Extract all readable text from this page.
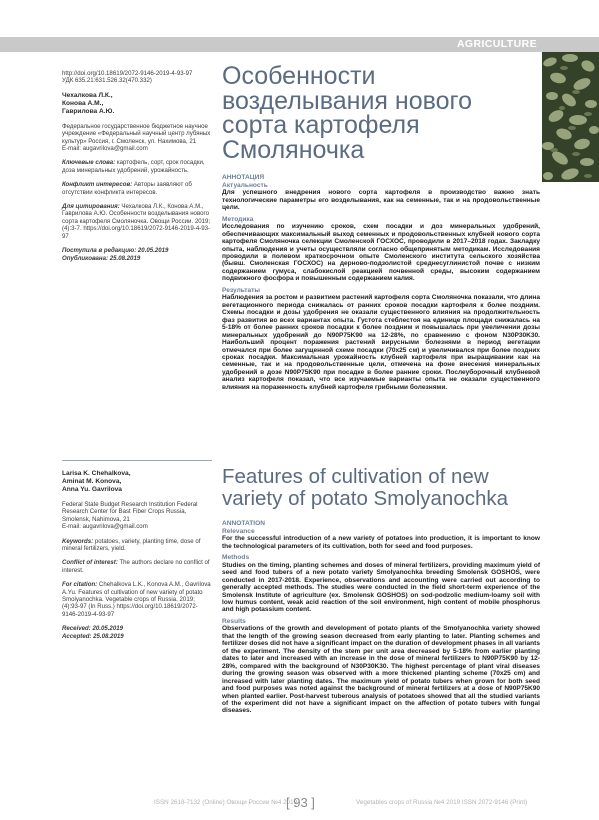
AGRICULTURE
http://doi.org/10.18619/2072-9146-2019-4-93-97
УДК 635.21:631.526.32(470.332)
Чехалкова Л.К.,
Конова А.М.,
Гаврилова А.Ю.
Федеральное государственное бюджетное научное учреждение «Федеральный научный центр лубяных культур» Россия, г. Смоленск, ул. Нахимова, 21
E-mail: augavrilova@gmail.com
Ключевые слова: картофель, сорт, срок посадки, доза минеральных удобрений, урожайность.
Конфликт интересов: Авторы заявляют об отсутствии конфликта интересов.
Для цитирования: Чехалкова Л.К., Конова А.М., Гаврилова А.Ю. Особенности возделывания нового сорта картофеля Смоляночка. Овощи России. 2019;(4):3-7. https://doi.org/10.18619/2072-9146-2019-4-93-97
Поступила в редакцию: 20.05.2019
Опубликована: 25.08.2019
Larisa K. Chehalkova,
Aminat M. Konova,
Anna Yu. Gavrilova
Federal State Budget Research Institution Federal Research Center for Bast Fiber Crops Russia, Smolensk, Nahimova, 21
E-mail: augavrilova@gmail.com
Keywords: potatoes, variety, planting time, dose of mineral fertilizers, yield.
Conflict of interest: The authors declare no conflict of interest.
For citation: Chehalkova L.K., Konova A.M., Gavrilova A.Yu. Features of cultivation of new variety of potato Smolyanochka. Vegetable crops of Russia. 2019;(4):93-97 (In Russ.) https://doi.org/10.18619/2072-9146-2019-4-93-97
Received: 20.05.2019
Accepted: 25.08.2019
Особенности возделывания нового сорта картофеля Смоляночка
Features of cultivation of new variety of potato Smolyanochka
АННОТАЦИЯ
Актуальность
Для успешного внедрения нового сорта картофеля в производство важно знать технологические параметры его возделывания, как на семенные, так и на продовольственные цели.
Методика
Исследования по изучению сроков, схем посадки и доз минеральных удобрений, обеспечивающих максимальный выход семенных и продовольственных клубней нового сорта картофеля Смоляночка селекции Смоленской ГОСХОС, проводили в 2017–2018 годах. Закладку опыта, наблюдения и учеты осуществляли согласно общепринятым методикам. Исследования проводили в полевом краткосрочном опыте Смоленского института сельского хозяйства (бывш. Смоленская ГОСХОС) на дерново-подзолистой среднесуглинистой почве с низким содержанием гумуса, слабокислой реакцией почвенной среды, высоким содержанием подвижного фосфора и повышенным содержанием калия.
Результаты
Наблюдения за ростом и развитием растений картофеля сорта Смоляночка показали, что длина вегетационного периода снижалась от ранних сроков посадки картофеля к более поздним. Схемы посадки и дозы удобрения не оказали существенного влияния на продолжительность фаз развития во всех вариантах опыта. Густота стеблестоя на единице площади снижалась на 5-18% от более ранних сроков посадки к более поздним и повышалась при увеличении дозы минеральных удобрений до N90P75K90 на 12-28%, по сравнению с фоном N30P30K30. Наибольший процент поражения растений вирусными болезнями в период вегетации отмечался при более загущенной схеме посадки (70x25 см) и увеличивался при более поздних сроках посадки. Максимальная урожайность клубней картофеля при выращивании как на семенные, так и на продовольственные цели, отмечена на фоне внесения минеральных удобрений в дозе N90P75K90 при посадке в более ранние сроки. Послеуборочный клубневой анализ картофеля показал, что все изучаемые варианты опыта не оказали существенного влияния на пораженность клубней картофеля грибными болезнями.
ANNOTATION
Relevance
For the successful introduction of a new variety of potatoes into production, it is important to know the technological parameters of its cultivation, both for seed and food purposes.
Methods
Studies on the timing, planting schemes and doses of mineral fertilizers, providing maximum yield of seed and food tubers of a new potato variety Smolyanochka breeding Smolensk GOSHOS, were conducted in 2017-2018. Experience, observations and accounting were carried out according to generally accepted methods. The studies were conducted in the field short-term experience of the Smolensk Institute of agriculture (ex. Smolensk GOSHOS) on sod-podzolic medium-loamy soil with low humus content, weak acid reaction of the soil environment, high content of mobile phosphorus and high potassium content.
Results
Observations of the growth and development of potato plants of the Smolyanochka variety showed that the length of the growing season decreased from early planting to later. Planting schemes and fertilizer doses did not have a significant impact on the duration of development phases in all variants of the experiment. The density of the stem per unit area decreased by 5-18% from earlier planting dates to later and increased with an increase in the dose of mineral fertilizers to N90P75K90 by 12-28%, compared with the background of N30P30K30. The highest percentage of plant viral diseases during the growing season was observed with a more thickened planting scheme (70x25 cm) and increased with later planting dates. The maximum yield of potato tubers when grown for both seed and food purposes was noted against the background of mineral fertilizers at a dose of N90P75K90 when planted earlier. Post-harvest tuberous analysis of potatoes showed that all the studied variants of the experiment did not have a significant impact on the affection of potato tubers with fungal diseases.
ISSN 2618-7132 (Online) Овощи России №4 2019
[ 93 ]	Vegetables crops of Russia №4 2019 ISSN 2072-9146 (Print)
